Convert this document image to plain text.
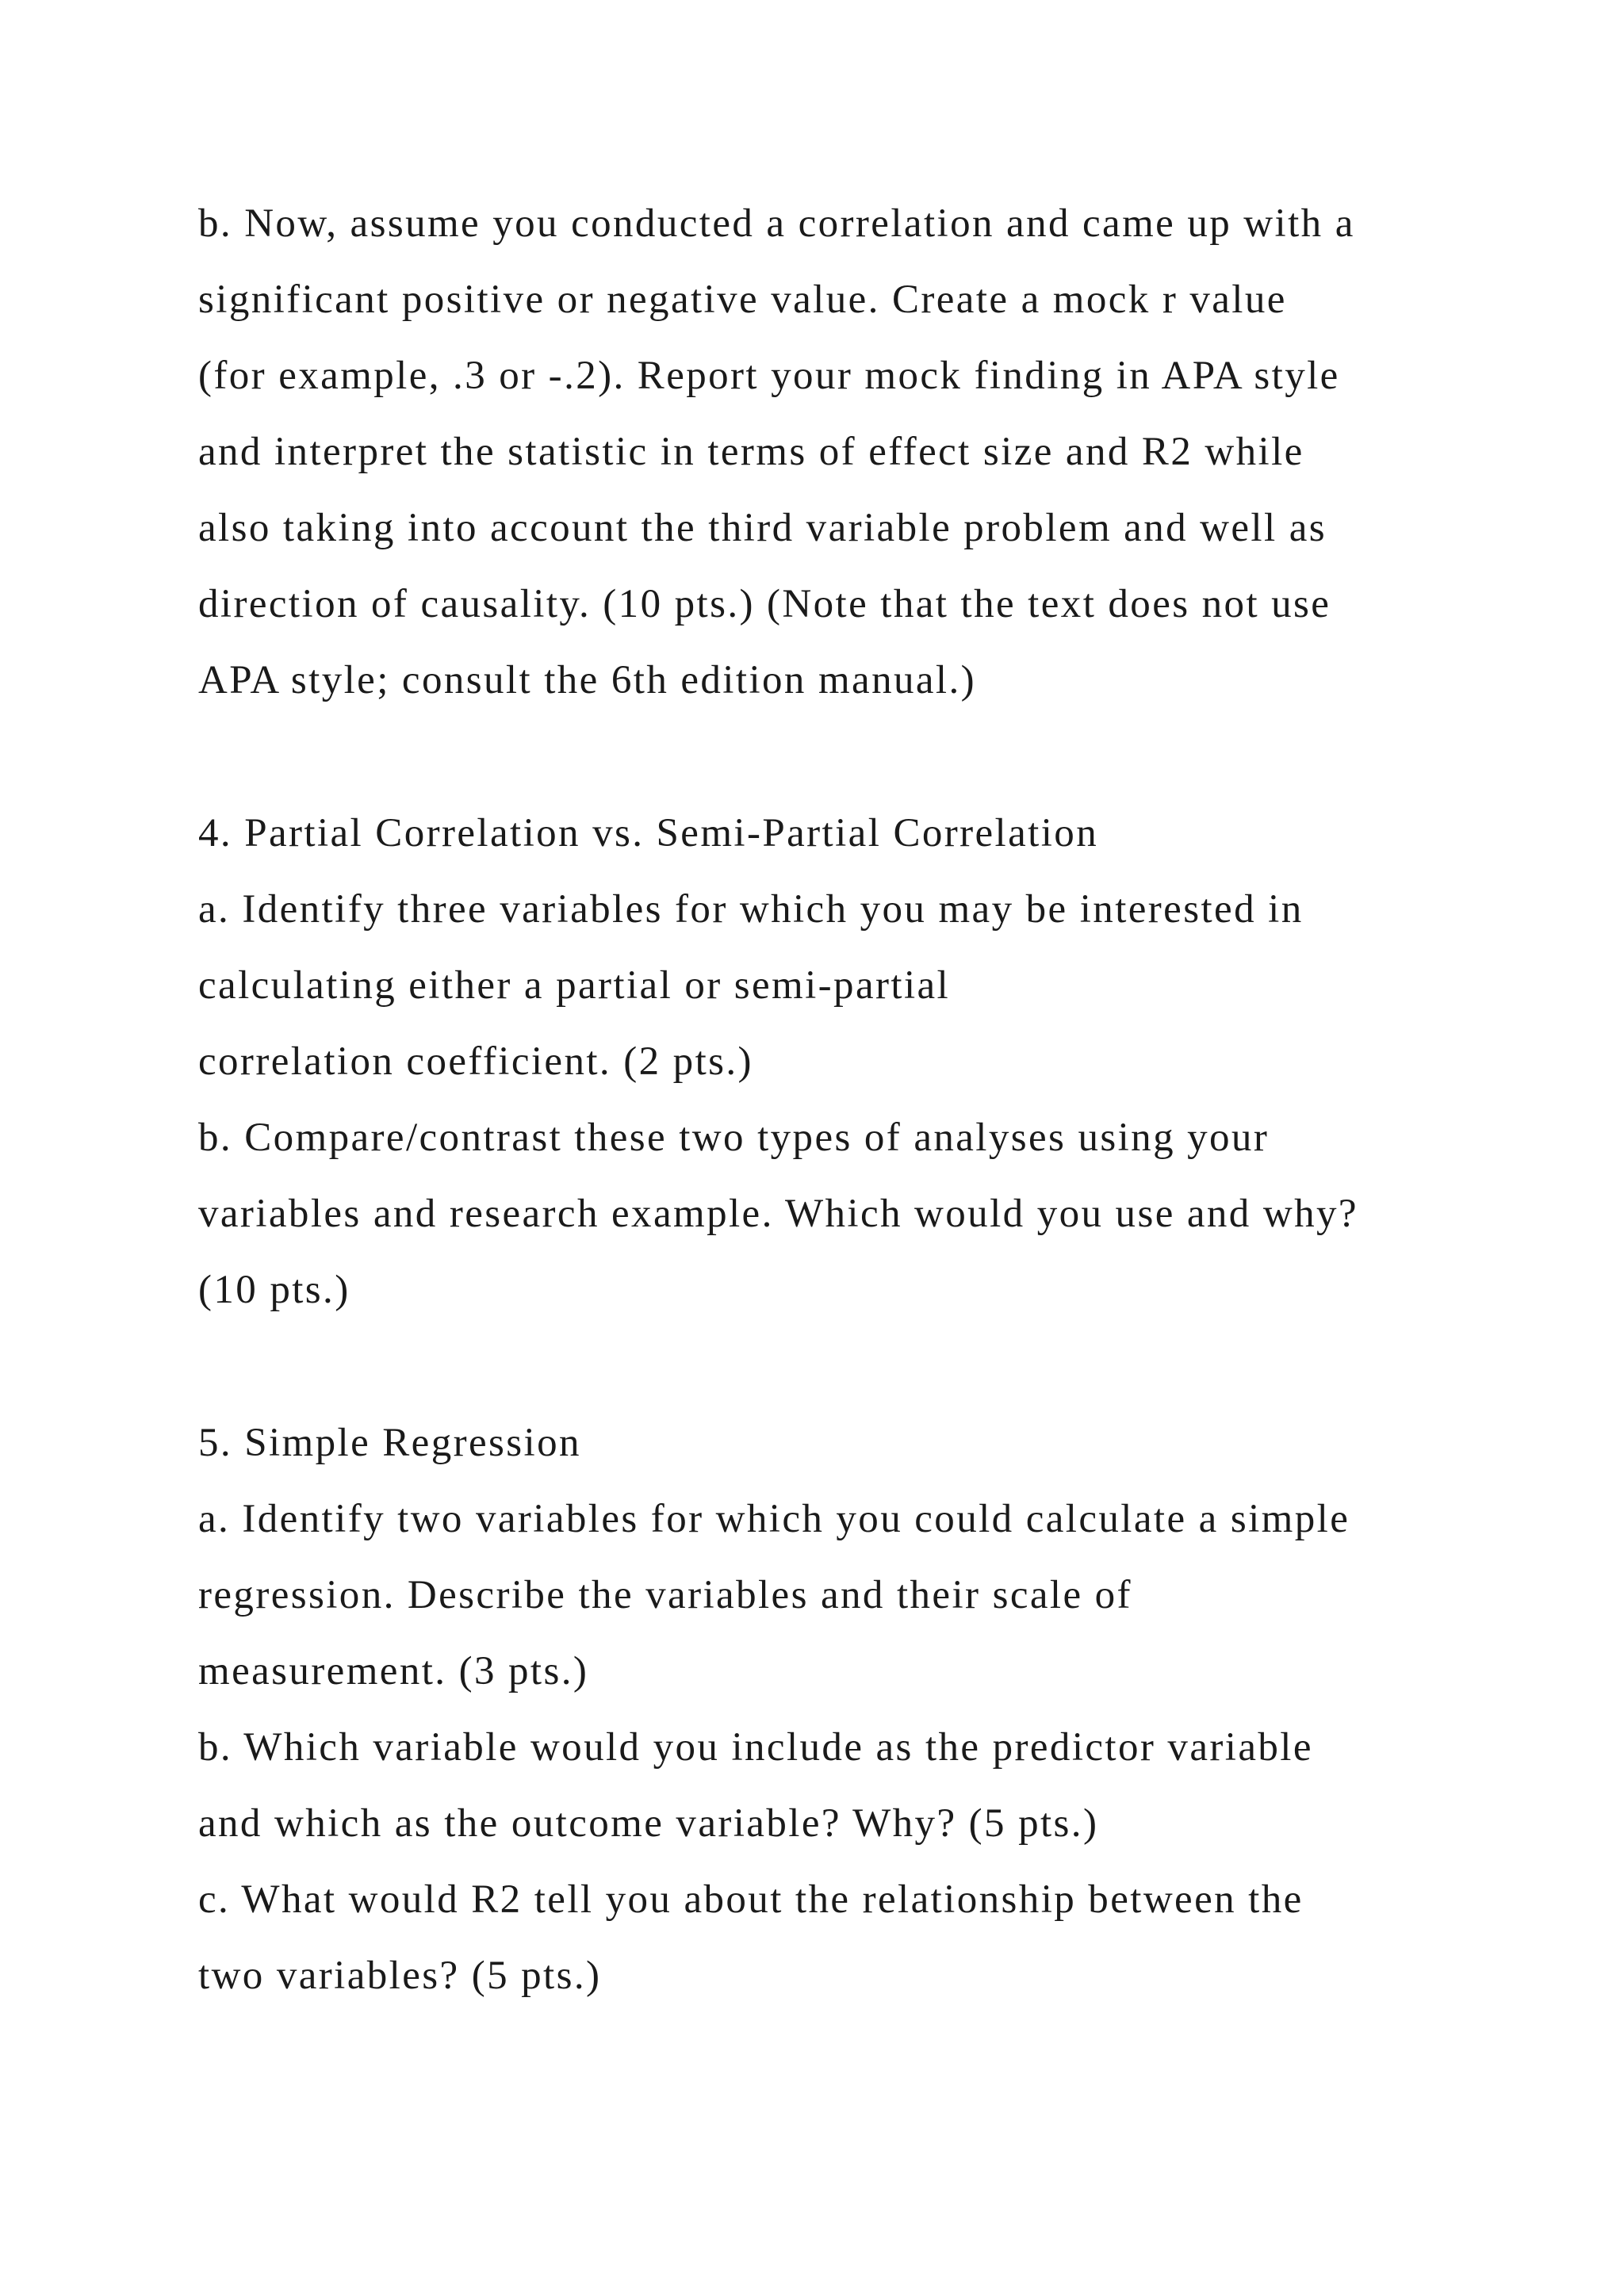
b. Now, assume you conducted a correlation and came up with a
significant positive or negative value. Create a mock r value
(for example, .3 or -.2). Report your mock finding in APA style
and interpret the statistic in terms of effect size and R2 while
also taking into account the third variable problem and well as
direction of causality. (10 pts.) (Note that the text does not use
APA style; consult the 6th edition manual.)
4. Partial Correlation vs. Semi-Partial Correlation
a. Identify three variables for which you may be interested in
calculating either a partial or semi-partial
correlation coefficient. (2 pts.)
b. Compare/contrast these two types of analyses using your
variables and research example. Which would you use and why?
(10 pts.)
5. Simple Regression
a. Identify two variables for which you could calculate a simple
regression. Describe the variables and their scale of
measurement. (3 pts.)
b. Which variable would you include as the predictor variable
and which as the outcome variable? Why? (5 pts.)
c. What would R2 tell you about the relationship between the
two variables? (5 pts.)
